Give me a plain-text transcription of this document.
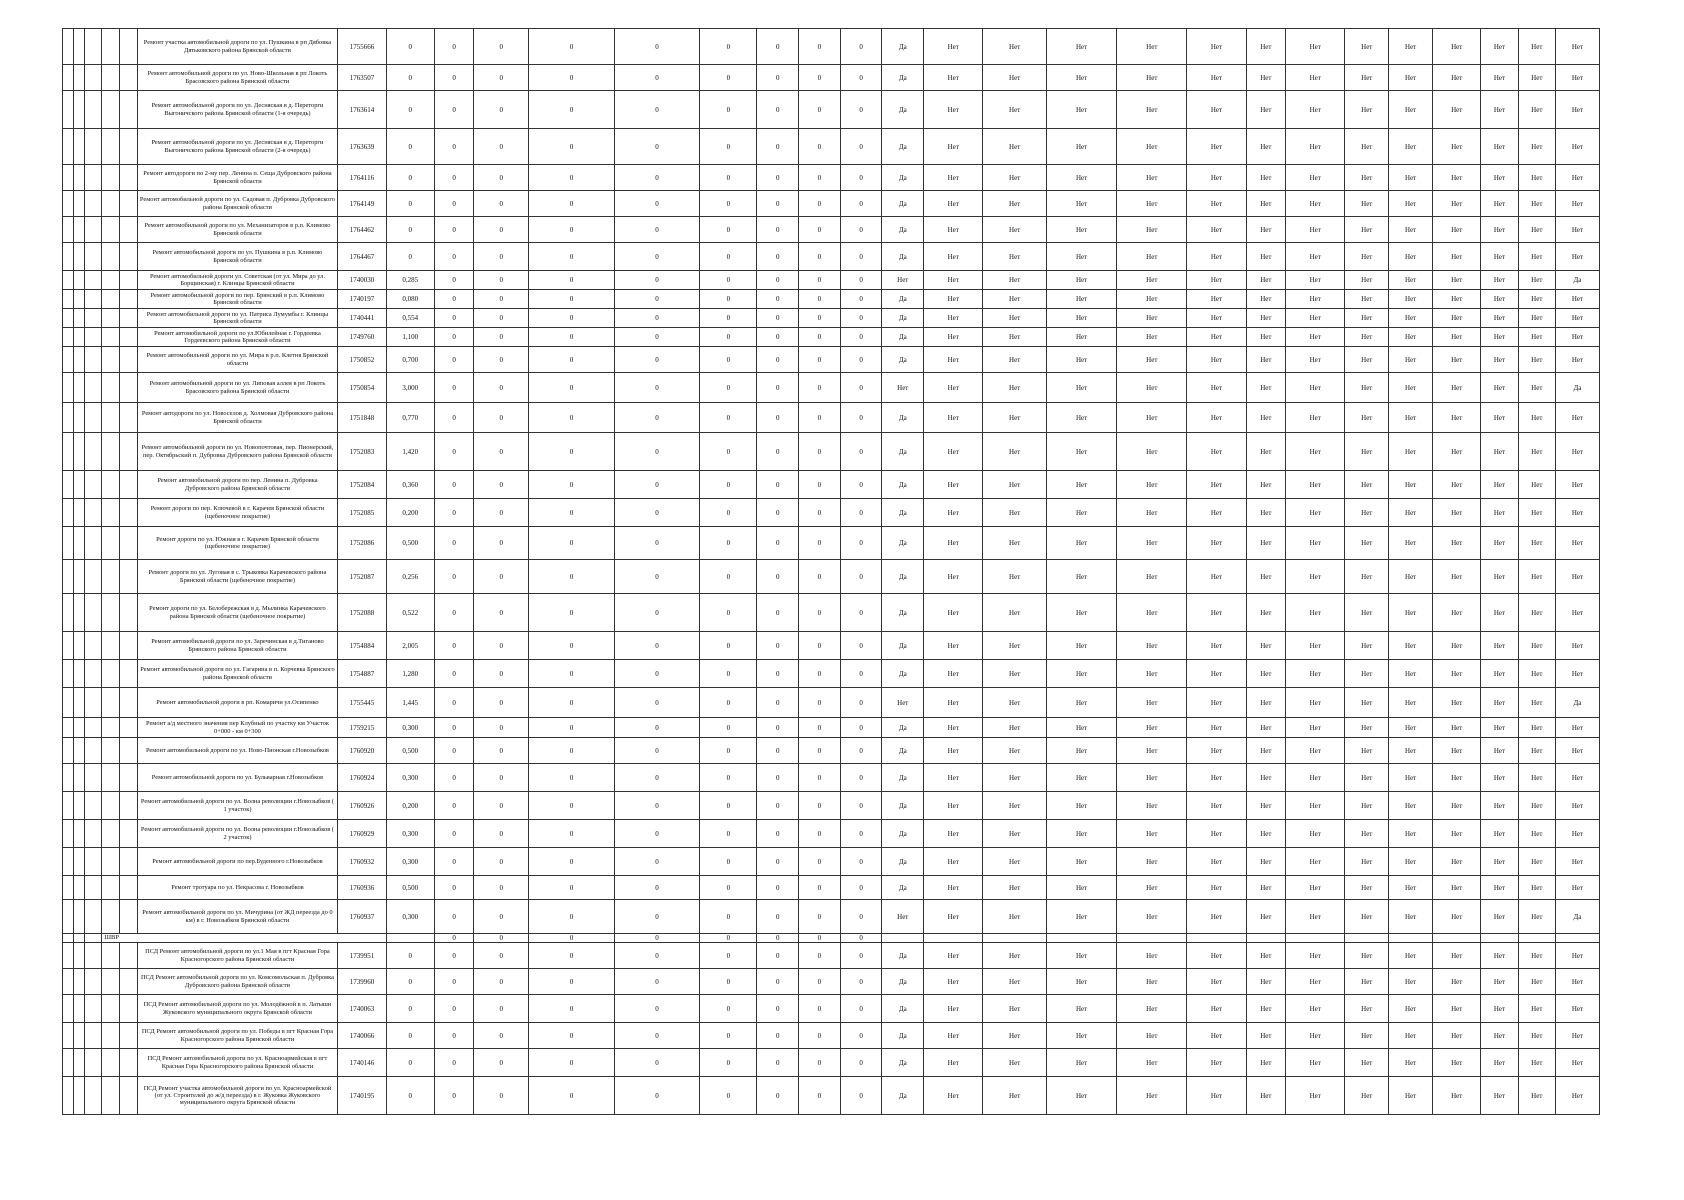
					Ремонт участка автомобильной дороги по ул. Пушкина в рп Дябовка Дятьковского района Брянской области	1755666	0	0	0	0	0	0	0	0	0	Да	Нет	Нет	Нет	Нет	Нет	Нет	Нет	Нет	Нет	Нет	Нет	Нет	Нет
					Ремонт автомобильной дороги по ул. Ново-Школьная в рп Локоть Брасовского района Брянской области	1763507	0	0	0	0	0	0	0	0	0	Да	Нет	Нет	Нет	Нет	Нет	Нет	Нет	Нет	Нет	Нет	Нет	Нет	Нет
					Ремонт автомобильной дороги по ул. Десняская в д. Переторги Выгоничского района Брянской области (1-я очередь)	1763614	0	0	0	0	0	0	0	0	0	Да	Нет	Нет	Нет	Нет	Нет	Нет	Нет	Нет	Нет	Нет	Нет	Нет	Нет
					Ремонт автомобильной дороги по ул. Десняская в д. Переторги Выгоничского района Брянской области (2-я очередь)	1763639	0	0	0	0	0	0	0	0	0	Да	Нет	Нет	Нет	Нет	Нет	Нет	Нет	Нет	Нет	Нет	Нет	Нет	Нет
					Ремонт автодороги по 2-му пер. Ленина п. Сеща Дубровского района Брянской области	1764116	0	0	0	0	0	0	0	0	0	Да	Нет	Нет	Нет	Нет	Нет	Нет	Нет	Нет	Нет	Нет	Нет	Нет	Нет
					Ремонт автомобильной дороги по ул. Садовая п. Дубровка Дубровского района Брянской области	1764149	0	0	0	0	0	0	0	0	0	Да	Нет	Нет	Нет	Нет	Нет	Нет	Нет	Нет	Нет	Нет	Нет	Нет	Нет
					Ремонт автомобильной дороги по ул. Механизаторов в р.п. Климово Брянской области	1764462	0	0	0	0	0	0	0	0	0	Да	Нет	Нет	Нет	Нет	Нет	Нет	Нет	Нет	Нет	Нет	Нет	Нет	Нет
					Ремонт автомобильной дороги по ул. Пушкина в р.п. Климово Брянской области	1764467	0	0	0	0	0	0	0	0	0	Да	Нет	Нет	Нет	Нет	Нет	Нет	Нет	Нет	Нет	Нет	Нет	Нет	Нет
					Ремонт автомобильной дороги ул. Советская (от ул. Мира до ул. Борщинская) г. Клинцы Брянской области	1740030	0,285	0	0	0	0	0	0	0	0	Нет	Нет	Нет	Нет	Нет	Нет	Нет	Нет	Нет	Нет	Нет	Нет	Нет	Да
					Ремонт автомобильной дороги по пер. Брянский в р.п. Климово Брянской области	1740197	0,080	0	0	0	0	0	0	0	0	Да	Нет	Нет	Нет	Нет	Нет	Нет	Нет	Нет	Нет	Нет	Нет	Нет	Нет
					Ремонт автомобильной дороги по ул. Патриса Лумумбы г. Клинцы Брянской области	1740441	0,554	0	0	0	0	0	0	0	0	Да	Нет	Нет	Нет	Нет	Нет	Нет	Нет	Нет	Нет	Нет	Нет	Нет	Нет
					Ремонт автомобильной дороги по ул.Юбилейная г. Гордеевка Гордеевского района Брянской области	1749760	1,100	0	0	0	0	0	0	0	0	Да	Нет	Нет	Нет	Нет	Нет	Нет	Нет	Нет	Нет	Нет	Нет	Нет	Нет
					Ремонт автомобильной дороги по ул. Мира в р.п. Клетня Брянской области	1750852	0,700	0	0	0	0	0	0	0	0	Да	Нет	Нет	Нет	Нет	Нет	Нет	Нет	Нет	Нет	Нет	Нет	Нет	Нет
					Ремонт автомобильной дороги по ул. Липовая аллея в рп Локоть Брасовского района Брянской области	1750854	3,000	0	0	0	0	0	0	0	0	Нет	Нет	Нет	Нет	Нет	Нет	Нет	Нет	Нет	Нет	Нет	Нет	Нет	Да
					Ремонт автодороги по ул. Новоселов д. Холмовая Дубровского района Брянской области	1751848	0,770	0	0	0	0	0	0	0	0	Да	Нет	Нет	Нет	Нет	Нет	Нет	Нет	Нет	Нет	Нет	Нет	Нет	Нет
					Ремонт автомобильной дороги по ул. Новопочтовая, пер. Пионерский, пер. Октябрьский п. Дубровка Дубровского района Брянской области	1752083	1,420	0	0	0	0	0	0	0	0	Да	Нет	Нет	Нет	Нет	Нет	Нет	Нет	Нет	Нет	Нет	Нет	Нет	Нет
					Ремонт автомобильной дороги по пер. Ленина п. Дубровка Дубровского района Брянской области	1752084	0,360	0	0	0	0	0	0	0	0	Да	Нет	Нет	Нет	Нет	Нет	Нет	Нет	Нет	Нет	Нет	Нет	Нет	Нет
					Ремонт дороги по пер. Ключевой в г. Карачев Брянской области (щебеночное покрытие)	1752085	0,200	0	0	0	0	0	0	0	0	Да	Нет	Нет	Нет	Нет	Нет	Нет	Нет	Нет	Нет	Нет	Нет	Нет	Нет
					Ремонт дороги по ул. Южная в г. Карачев Брянской области (щебеночное покрытие)	1752086	0,500	0	0	0	0	0	0	0	0	Да	Нет	Нет	Нет	Нет	Нет	Нет	Нет	Нет	Нет	Нет	Нет	Нет	Нет
					Ремонт дороги по ул. Луговая в с. Трыковка Карачевского района Брянской области (щебеночное покрытие)	1752087	0,256	0	0	0	0	0	0	0	0	Да	Нет	Нет	Нет	Нет	Нет	Нет	Нет	Нет	Нет	Нет	Нет	Нет	Нет
					Ремонт дороги по ул. Белобережская в д. Мылинка Карачевского района Брянской области (щебеночное покрытие)	1752088	0,522	0	0	0	0	0	0	0	0	Да	Нет	Нет	Нет	Нет	Нет	Нет	Нет	Нет	Нет	Нет	Нет	Нет	Нет
					Ремонт автомобильной дороги по ул. Заречинская в д.Тиганово Брянского района Брянской области	1754884	2,005	0	0	0	0	0	0	0	0	Да	Нет	Нет	Нет	Нет	Нет	Нет	Нет	Нет	Нет	Нет	Нет	Нет	Нет
					Ремонт автомобильной дороги по ул. Гагарина в п. Корчевка Брянского района Брянской области	1754887	1,280	0	0	0	0	0	0	0	0	Да	Нет	Нет	Нет	Нет	Нет	Нет	Нет	Нет	Нет	Нет	Нет	Нет	Нет
					Ремонт автомобильной дороги в рп. Комаричи ул.Осипенко	1755445	1,445	0	0	0	0	0	0	0	0	Нет	Нет	Нет	Нет	Нет	Нет	Нет	Нет	Нет	Нет	Нет	Нет	Нет	Да
					Ремонт а/д местного значения пер Клубный по участку км Участок 0+000 - км 0+300	1759215	0,300	0	0	0	0	0	0	0	0	Да	Нет	Нет	Нет	Нет	Нет	Нет	Нет	Нет	Нет	Нет	Нет	Нет	Нет
					Ремонт автомобильной дороги по ул. Ново-Пионская г.Новозыбков	1760920	0,500	0	0	0	0	0	0	0	0	Да	Нет	Нет	Нет	Нет	Нет	Нет	Нет	Нет	Нет	Нет	Нет	Нет	Нет
					Ремонт автомобильной дороги по ул. Бульварная г.Новозыбков	1760924	0,300	0	0	0	0	0	0	0	0	Да	Нет	Нет	Нет	Нет	Нет	Нет	Нет	Нет	Нет	Нет	Нет	Нет	Нет
					Ремонт автомобильной дороги по ул. Волна революции г.Новозыбков ( 1 участок)	1760926	0,200	0	0	0	0	0	0	0	0	Да	Нет	Нет	Нет	Нет	Нет	Нет	Нет	Нет	Нет	Нет	Нет	Нет	Нет
					Ремонт автомобильной дороги по ул. Волна революции г.Новозыбков ( 2 участок)	1760929	0,300	0	0	0	0	0	0	0	0	Да	Нет	Нет	Нет	Нет	Нет	Нет	Нет	Нет	Нет	Нет	Нет	Нет	Нет
					Ремонт автомобильной дороги по пер.Буденного г.Новозыбков	1760932	0,300	0	0	0	0	0	0	0	0	Да	Нет	Нет	Нет	Нет	Нет	Нет	Нет	Нет	Нет	Нет	Нет	Нет	Нет
					Ремонт тротуара по ул. Некрасова г. Новозыбков	1760936	0,500	0	0	0	0	0	0	0	0	Да	Нет	Нет	Нет	Нет	Нет	Нет	Нет	Нет	Нет	Нет	Нет	Нет	Нет
					Ремонт автомобильной дороги по ул. Мичурина (от ЖД переезда до 0 км) в г. Новозыбков Брянской области	1760937	0,300	0	0	0	0	0	0	0	0	Нет	Нет	Нет	Нет	Нет	Нет	Нет	Нет	Нет	Нет	Нет	Нет	Нет	Да
			ШВР					0	0	0	0	0	0	0	0														
					ПСД Ремонт автомобильной дороги по ул.1 Мая в пгт Красная Гора Красногорского района Брянской области	1739951	0	0	0	0	0	0	0	0	0	Да	Нет	Нет	Нет	Нет	Нет	Нет	Нет	Нет	Нет	Нет	Нет	Нет	Нет
					ПСД Ремонт автомобильной дороги по ул. Комсомольская п. Дубровка Дубровского района Брянской области	1739960	0	0	0	0	0	0	0	0	0	Да	Нет	Нет	Нет	Нет	Нет	Нет	Нет	Нет	Нет	Нет	Нет	Нет	Нет
					ПСД Ремонт автомобильной дороги по ул. Молодёжной в п. Латыши Жуковского муниципального округа Брянской области	1740063	0	0	0	0	0	0	0	0	0	Да	Нет	Нет	Нет	Нет	Нет	Нет	Нет	Нет	Нет	Нет	Нет	Нет	Нет
					ПСД Ремонт автомобильной дороги по ул. Победы в пгт Красная Гора Красногорского района Брянской области	1740066	0	0	0	0	0	0	0	0	0	Да	Нет	Нет	Нет	Нет	Нет	Нет	Нет	Нет	Нет	Нет	Нет	Нет	Нет
					ПСД Ремонт автомобильной дороги по ул. Красноармейская в пгт Красная Гора Красногорского района Брянской области	1740146	0	0	0	0	0	0	0	0	0	Да	Нет	Нет	Нет	Нет	Нет	Нет	Нет	Нет	Нет	Нет	Нет	Нет	Нет
					ПСД Ремонт участка автомобильной дороги по ул. Красноармейской (от ул. Строителей до ж/д переезда) в г. Жуковка Жуковского муниципального округа Брянской области	1740195	0	0	0	0	0	0	0	0	0	Да	Нет	Нет	Нет	Нет	Нет	Нет	Нет	Нет	Нет	Нет	Нет	Нет	Нет
